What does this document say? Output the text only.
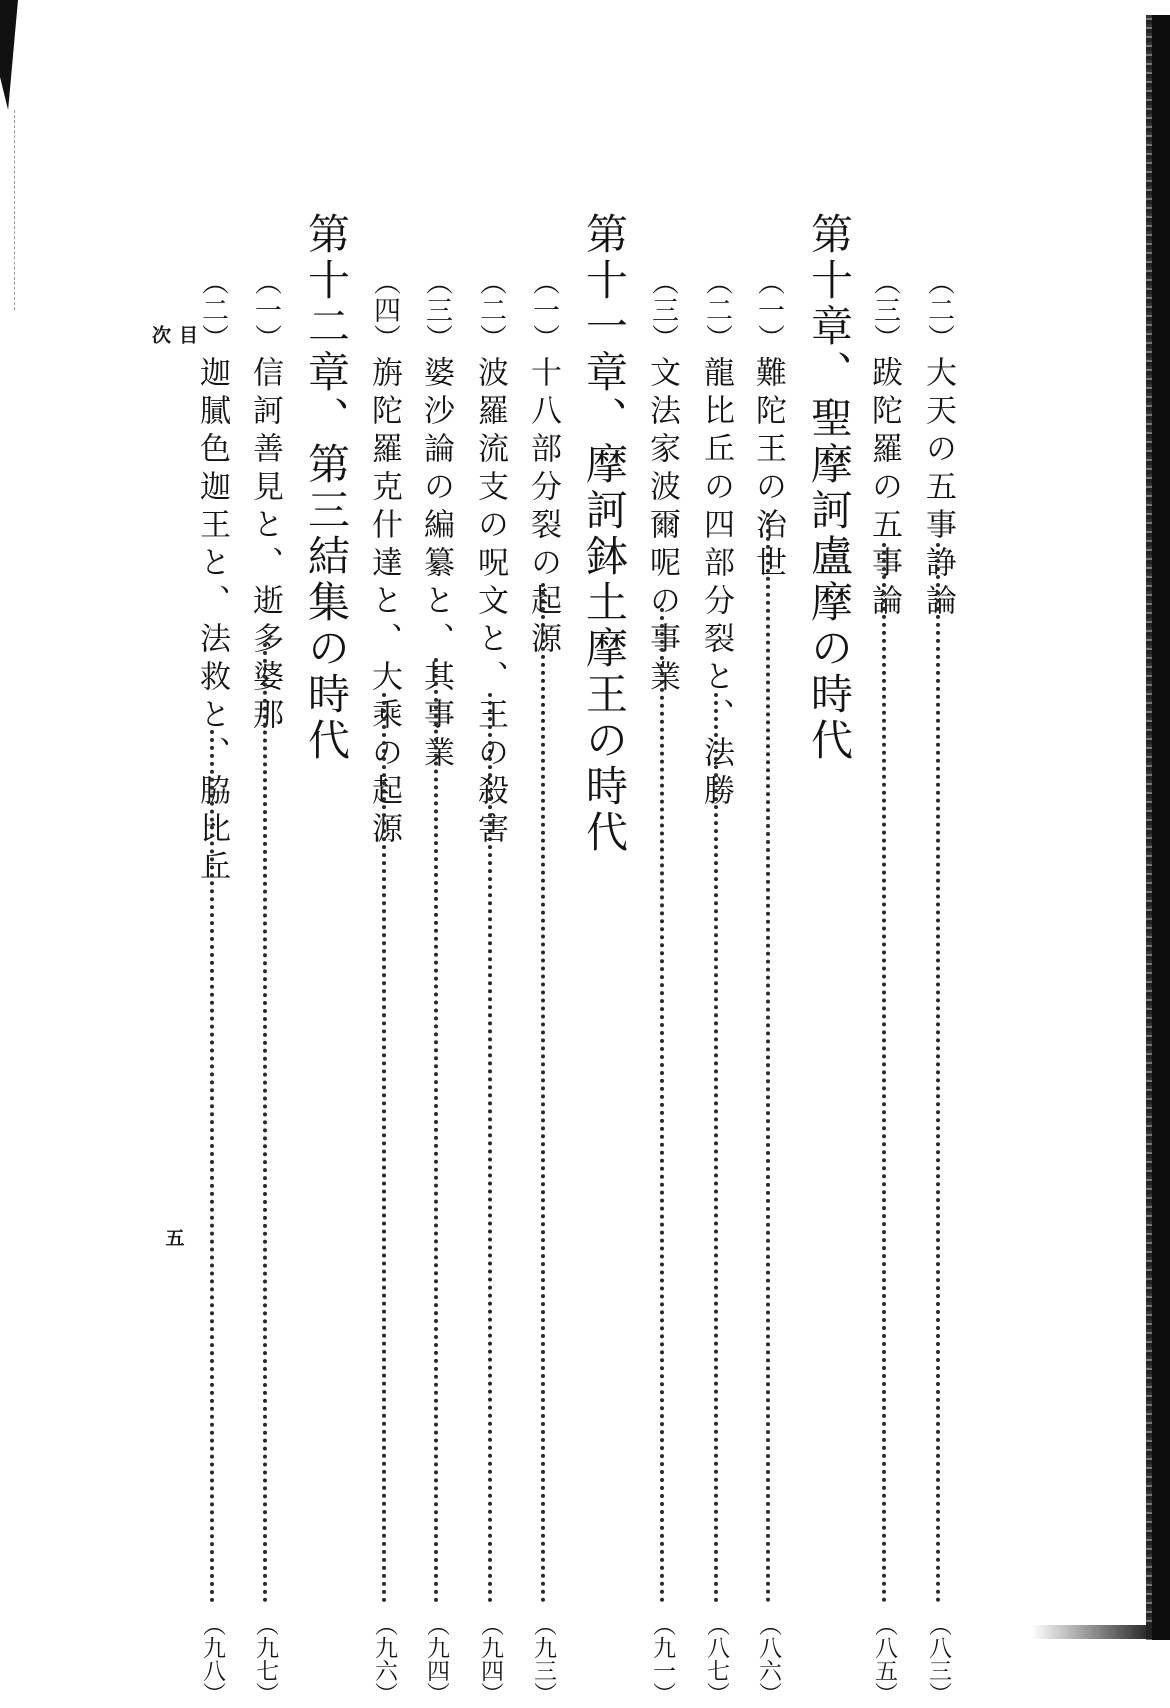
（二）
大天の五事諍論
（八三）
（三）
跋陀羅の五事論
（八五）
第十章、聖摩訶盧摩の時代
（一）
難陀王の治世
（八六）
（二）
龍比丘の四部分裂と、法勝
（八七）
（三）
文法家波爾呢の事業
（九一）
第十一章、摩訶鉢土摩王の時代
（一）
十八部分裂の起源
（九三）
（二）
波羅流支の呪文と、王の殺害
（九四）
（三）
婆沙論の編纂と、其事業
（九四）
（四）
旃陀羅克什達と、大乘の起源
（九六）
第十二章、第三結集の時代
（一）
信訶善見と、逝多婆那
（九七）
（二）
迦膩色迦王と、法救と、脇比丘
（九八）
目次
五
